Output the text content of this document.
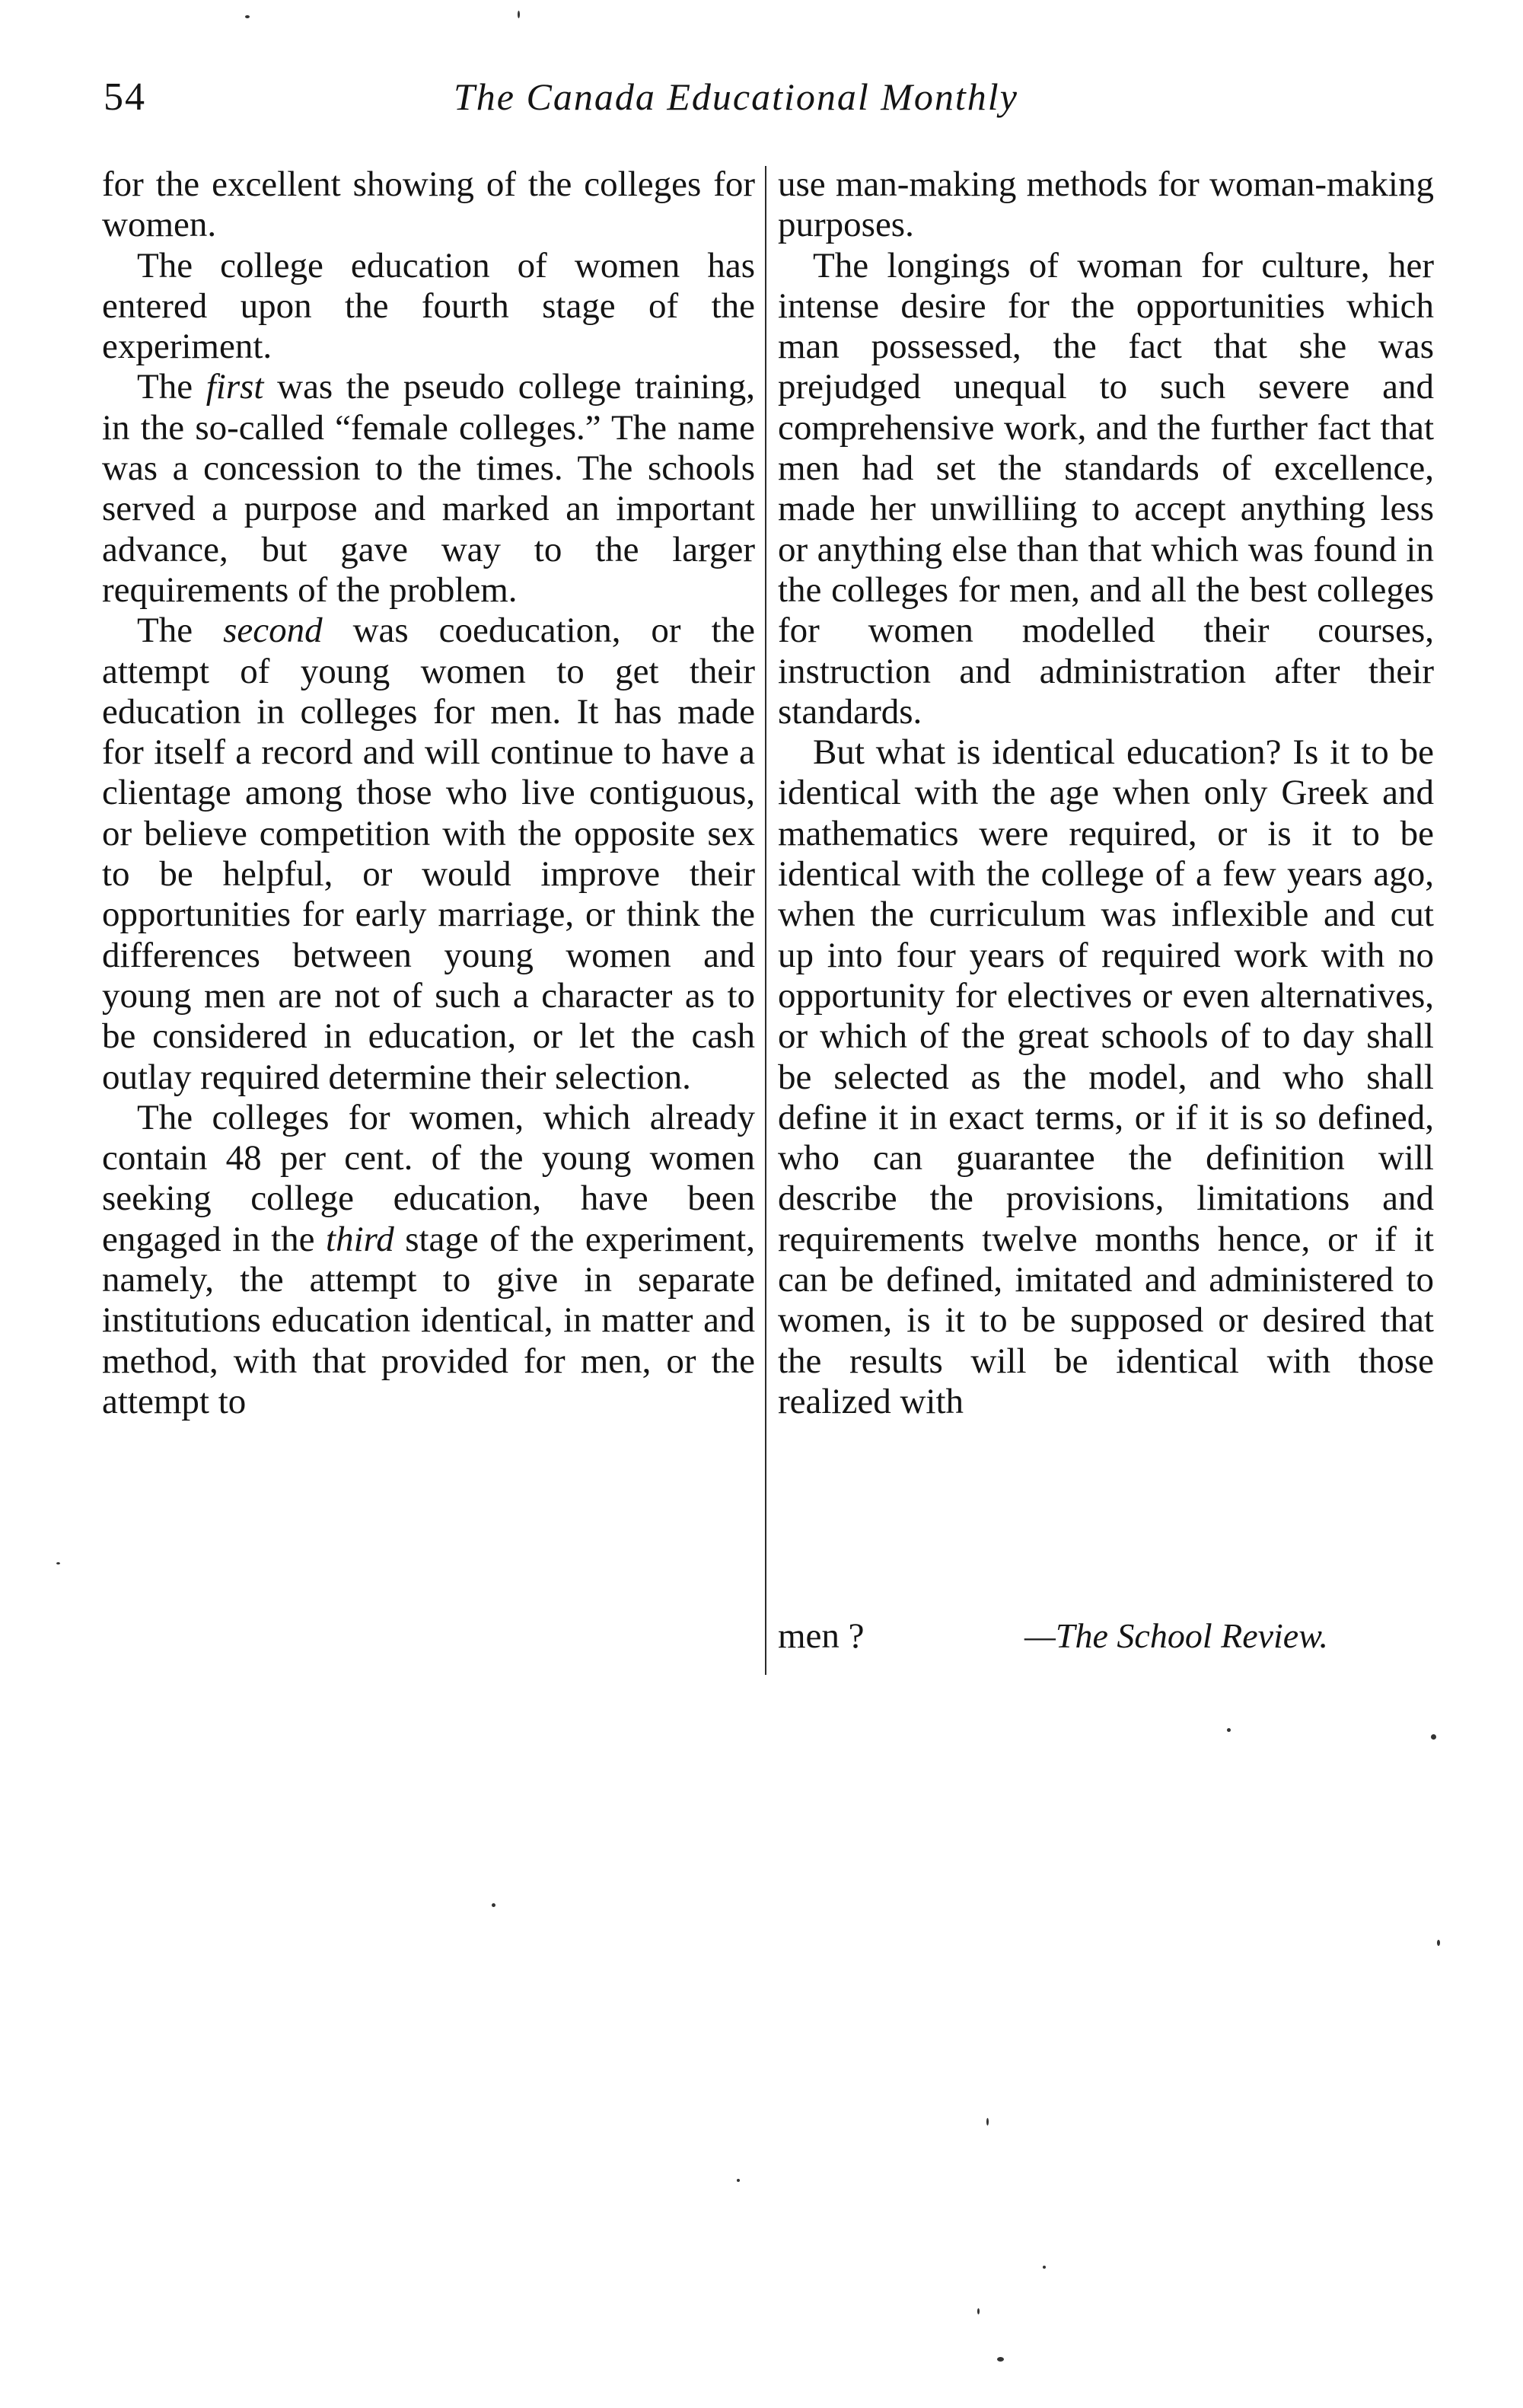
54	The Canada Educational Monthly

for the excellent showing of the colleges for women.

The college education of women has entered upon the fourth stage of the experiment.

The first was the pseudo college training, in the so-called “female colleges.” The name was a concession to the times. The schools served a purpose and marked an important advance, but gave way to the larger requirements of the problem.

The second was coeducation, or the attempt of young women to get their education in colleges for men. It has made for itself a record and will continue to have a clientage among those who live contiguous, or believe competition with the opposite sex to be helpful, or would improve their opportunities for early marriage, or think the differences between young women and young men are not of such a character as to be considered in education, or let the cash outlay required determine their selection.

The colleges for women, which already contain 48 per cent. of the young women seeking college education, have been engaged in the third stage of the experiment, namely, the attempt to give in separate institutions education identical, in matter and method, with that provided for men, or the attempt to

use man-making methods for woman-making purposes.

The longings of woman for culture, her intense desire for the opportunities which man possessed, the fact that she was prejudged unequal to such severe and comprehensive work, and the further fact that men had set the standards of excellence, made her unwilliing to accept anything less or anything else than that which was found in the colleges for men, and all the best colleges for women modelled their courses, instruction and administration after their standards.

But what is identical education? Is it to be identical with the age when only Greek and mathematics were required, or is it to be identical with the college of a few years ago, when the curriculum was inflexible and cut up into four years of required work with no opportunity for electives or even alternatives, or which of the great schools of to day shall be selected as the model, and who shall define it in exact terms, or if it is so defined, who can guarantee the definition will describe the provisions, limitations and requirements twelve months hence, or if it can be defined, imitated and administered to women, is it to be supposed or desired that the results will be identical with those realized with

men ?	—The School Review.
